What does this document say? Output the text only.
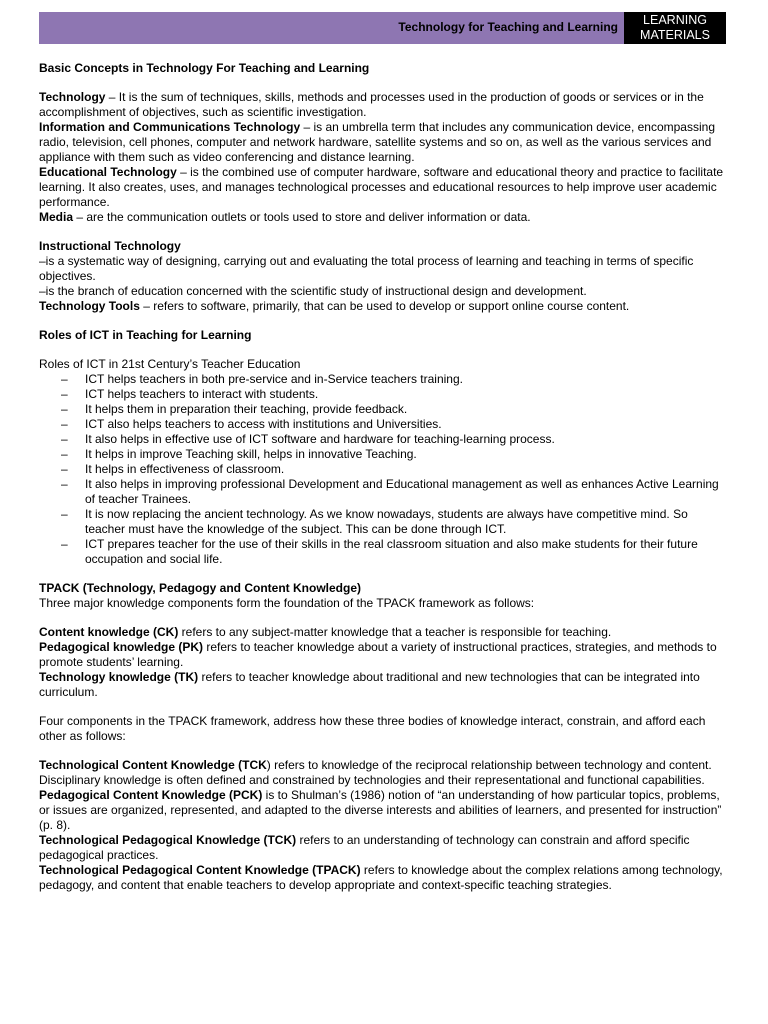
Technology for Teaching and Learning	LEARNING
MATERIALS

Basic Concepts in Technology For Teaching and Learning

Technology – It is the sum of techniques, skills, methods and processes used in the production of goods or services or in the accomplishment of objectives, such as scientific investigation.

Information and Communications Technology – is an umbrella term that includes any communication device, encompassing radio, television, cell phones, computer and network hardware, satellite systems and so on, as well as the various services and appliance with them such as video conferencing and distance learning.

Educational Technology – is the combined use of computer hardware, software and educational theory and practice to facilitate learning. It also creates, uses, and manages technological processes and educational resources to help improve user academic performance.

Media – are the communication outlets or tools used to store and deliver information or data.

Instructional Technology

–is a systematic way of designing, carrying out and evaluating the total process of learning and teaching in terms of specific objectives.

–is the branch of education concerned with the scientific study of instructional design and development.

Technology Tools – refers to software, primarily, that can be used to develop or support online course content.

Roles of ICT in Teaching for Learning

Roles of ICT in 21st Century’s Teacher Education

– ICT helps teachers in both pre-service and in-Service teachers training.
– ICT helps teachers to interact with students.
– It helps them in preparation their teaching, provide feedback.
– ICT also helps teachers to access with institutions and Universities.
– It also helps in effective use of ICT software and hardware for teaching-learning process.
– It helps in improve Teaching skill, helps in innovative Teaching.
– It helps in effectiveness of classroom.
– It also helps in improving professional Development and Educational management as well as enhances Active Learning of teacher Trainees.
– It is now replacing the ancient technology. As we know nowadays, students are always have competitive mind. So teacher must have the knowledge of the subject. This can be done through ICT.
– ICT prepares teacher for the use of their skills in the real classroom situation and also make students for their future occupation and social life.

TPACK (Technology, Pedagogy and Content Knowledge)

Three major knowledge components form the foundation of the TPACK framework as follows:

Content knowledge (CK) refers to any subject-matter knowledge that a teacher is responsible for teaching.

Pedagogical knowledge (PK) refers to teacher knowledge about a variety of instructional practices, strategies, and methods to promote students’ learning.

Technology knowledge (TK) refers to teacher knowledge about traditional and new technologies that can be integrated into curriculum.

Four components in the TPACK framework, address how these three bodies of knowledge interact, constrain, and afford each other as follows:

Technological Content Knowledge (TCK) refers to knowledge of the reciprocal relationship between technology and content. Disciplinary knowledge is often defined and constrained by technologies and their representational and functional capabilities.

Pedagogical Content Knowledge (PCK) is to Shulman’s (1986) notion of “an understanding of how particular topics, problems, or issues are organized, represented, and adapted to the diverse interests and abilities of learners, and presented for instruction” (p. 8).

Technological Pedagogical Knowledge (TCK) refers to an understanding of technology can constrain and afford specific pedagogical practices.

Technological Pedagogical Content Knowledge (TPACK) refers to knowledge about the complex relations among technology, pedagogy, and content that enable teachers to develop appropriate and context-specific teaching strategies.
